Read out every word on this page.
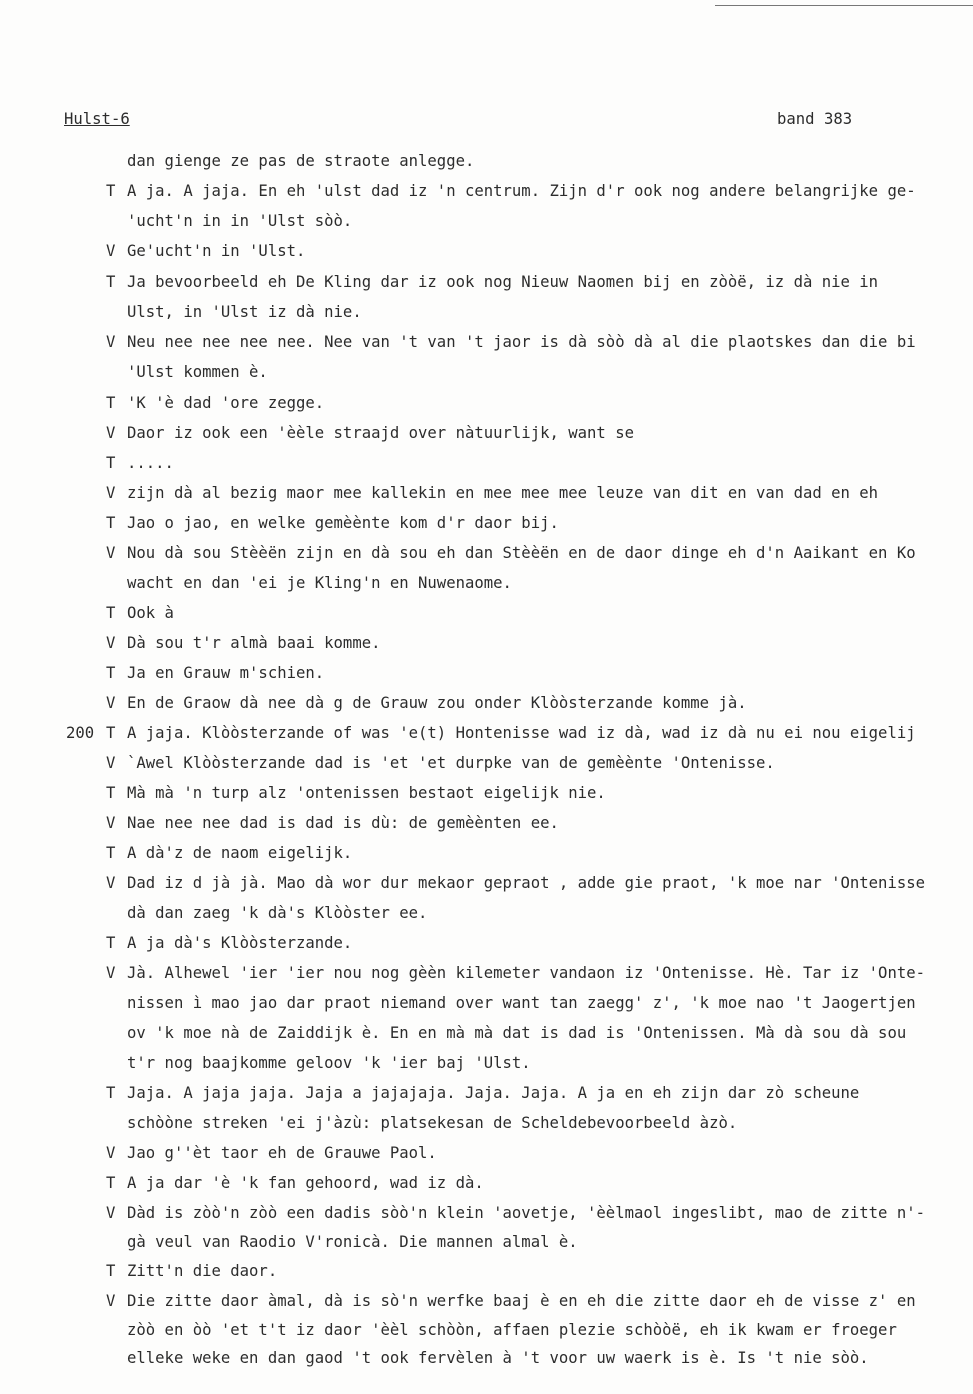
Hulst-6	band 383
dan gienge ze pas de straote anlegge.
T A ja. A jaja. En eh 'ulst dad iz 'n centrum. Zijn d'r ook nog andere belangrijke ge-
'ucht'n in in 'Ulst sòò.
V Ge'ucht'n in 'Ulst.
T Ja bevoorbeeld eh De Kling dar iz ook nog Nieuw Naomen bij en zòòë, iz dà nie in
Ulst, in 'Ulst iz dà nie.
V Neu nee nee nee nee. Nee van 't van 't jaor is dà sòò dà al die plaotskes dan die bi
'Ulst kommen è.
T 'K 'è dad 'ore zegge.
V Daor iz ook een 'èèle straajd over nàtuurlijk, want se
T .....
V zijn dà al bezig maor mee kallekin en mee mee mee leuze van dit en van dad en eh
T Jao o jao, en welke gemèènte kom d'r daor bij.
V Nou dà sou Stèèën zijn en dà sou eh dan Stèèën en de daor dinge eh d'n Aaikant en Ko
wacht en dan 'ei je Kling'n en Nuwenaome.
T Ook à
V Dà sou t'r almà baai komme.
T Ja en Grauw m'schien.
V En de Graow dà nee dà g de Grauw zou onder Klòòsterzande komme jà.
200 T A jaja. Klòòsterzande of was 'e(t) Hontenisse wad iz dà, wad iz dà nu ei nou eigelij
V `Awel Klòòsterzande dad is 'et 'et durpke van de gemèènte 'Ontenisse.
T Mà mà 'n turp alz 'ontenissen bestaot eigelijk nie.
V Nae nee nee dad is dad is dù: de gemèènten ee.
T A dà'z de naom eigelijk.
V Dad iz d jà jà. Mao dà wor dur mekaor gepraot , adde gie praot, 'k moe nar 'Ontenisse
dà dan zaeg 'k dà's Klòòster ee.
T A ja dà's Klòòsterzande.
V Jà. Alhewel 'ier 'ier nou nog gèèn kilemeter vandaon iz 'Ontenisse. Hè. Tar iz 'Onte-
nissen ì mao jao dar praot niemand over want tan zaegg' z', 'k moe nao 't Jaogertjen
ov 'k moe nà de Zaiddijk è. En en mà mà dat is dad is 'Ontenissen. Mà dà sou dà sou
t'r nog baajkomme geloov 'k 'ier baj 'Ulst.
T Jaja. A jaja jaja. Jaja a jajajaja. Jaja. Jaja. A ja en eh zijn dar zò scheune
schòòne streken 'ei j'àzù: platsekesan de Scheldebevoorbeeld àzò.
V Jao g''èt taor eh de Grauwe Paol.
T A ja dar 'è 'k fan gehoord, wad iz dà.
V Dàd is zòò'n zòò een dadis sòò'n klein 'aovetje, 'èèlmaol ingeslibt, mao de zitte n'-
gà veul van Raodio V'ronicà. Die mannen almal è.
T Zitt'n die daor.
V Die zitte daor àmal, dà is sò'n werfke baaj è en eh die zitte daor eh de visse z' en
zòò en òò 'et t't iz daor 'èèl schòòn, affaen plezie schòòë, eh ik kwam er froeger
elleke weke en dan gaod 't ook fervèlen à 't voor uw waerk is è. Is 't nie sòò.
